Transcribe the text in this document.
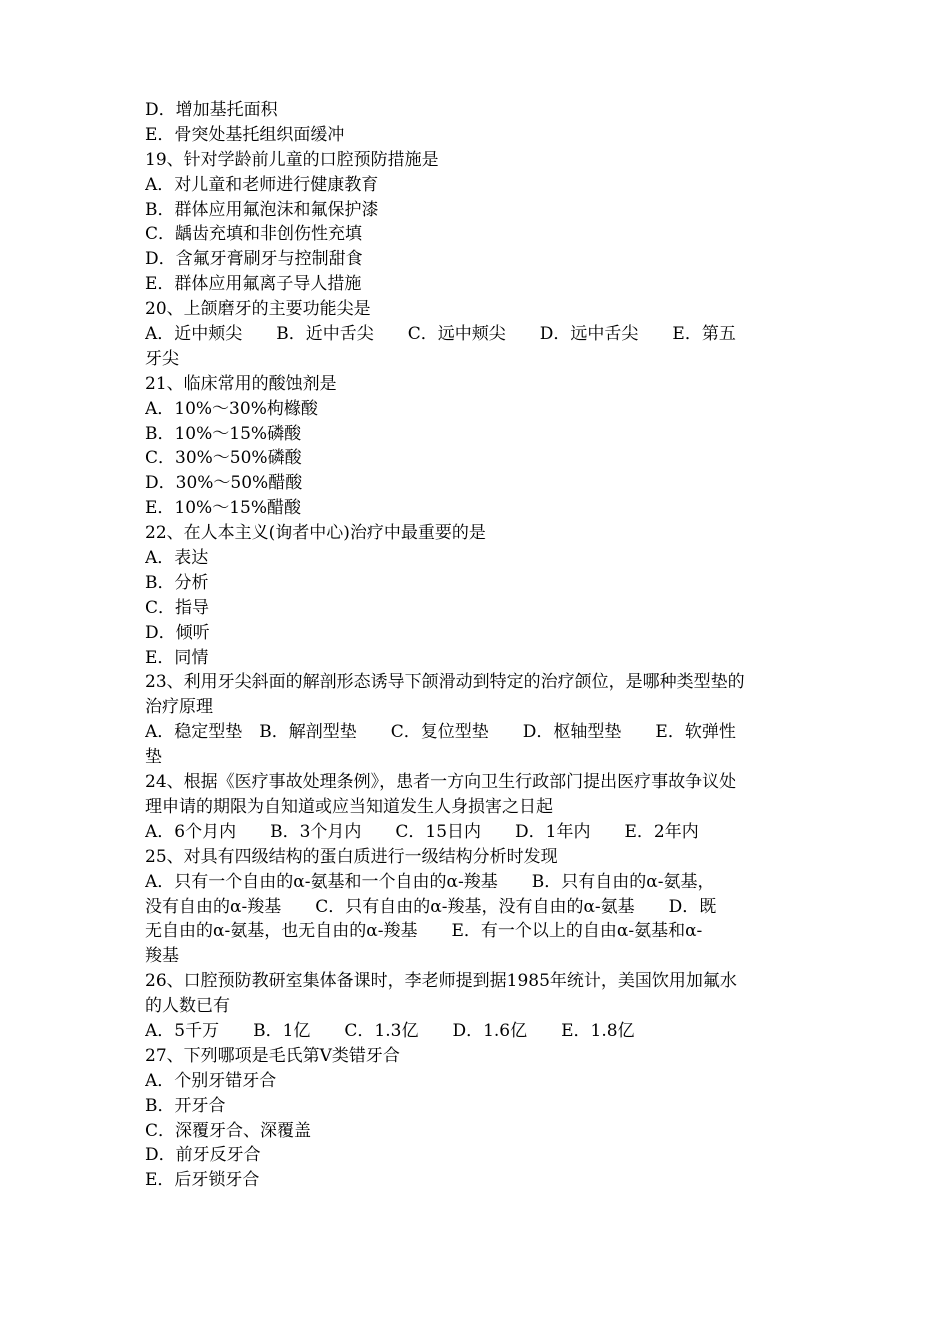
D．增加基托面积
E．骨突处基托组织面缓冲
19、针对学龄前儿童的口腔预防措施是
A．对儿童和老师进行健康教育
B．群体应用氟泡沫和氟保护漆
C．龋齿充填和非创伤性充填
D．含氟牙膏刷牙与控制甜食
E．群体应用氟离子导人措施
20、上颌磨牙的主要功能尖是
A．近中颊尖　　B．近中舌尖　　C．远中颊尖　　D．远中舌尖　　E．第五
牙尖
21、临床常用的酸蚀剂是
A．10%～30%枸橼酸
B．10%～15%磷酸
C．30%～50%磷酸
D．30%～50%醋酸
E．10%～15%醋酸
22、在人本主义(询者中心)治疗中最重要的是
A．表达
B．分析
C．指导
D．倾听
E．同情
23、利用牙尖斜面的解剖形态诱导下颌滑动到特定的治疗颌位，是哪种类型垫的
治疗原理
A．稳定型垫　B．解剖型垫　　C．复位型垫　　D．枢轴型垫　　E．软弹性
垫
24、根据《医疗事故处理条例》，患者一方向卫生行政部门提出医疗事故争议处
理申请的期限为自知道或应当知道发生人身损害之日起
A．6个月内　　B．3个月内　　C．15日内　　D．1年内　　E．2年内
25、对具有四级结构的蛋白质进行一级结构分析时发现
A．只有一个自由的α-氨基和一个自由的α-羧基　　B．只有自由的α-氨基，
没有自由的α-羧基　　C．只有自由的α-羧基，没有自由的α-氨基　　D．既
无自由的α-氨基，也无自由的α-羧基　　E．有一个以上的自由α-氨基和α-
羧基
26、口腔预防教研室集体备课时，李老师提到据1985年统计，美国饮用加氟水
的人数已有
A．5千万　　B．1亿　　C．1.3亿　　D．1.6亿　　E．1.8亿
27、下列哪项是毛氏第Ⅴ类错牙合
A．个别牙错牙合
B．开牙合
C．深覆牙合、深覆盖
D．前牙反牙合
E．后牙锁牙合
